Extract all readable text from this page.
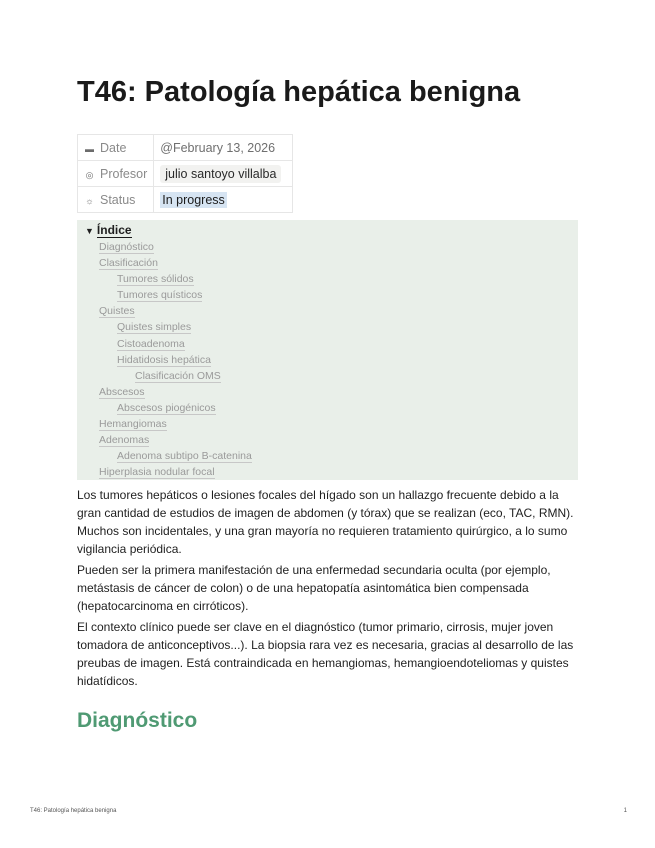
T46: Patología hepática benigna
▬ Date	@February 13, 2026
◎ Profesor	julio santoyo villalba
☼ Status	In progress
▼ Índice
Diagnóstico
Clasificación
Tumores sólidos
Tumores quísticos
Quistes
Quistes simples
Cistoadenoma
Hidatidosis hepática
Clasificación OMS
Abscesos
Abscesos piogénicos
Hemangiomas
Adenomas
Adenoma subtipo B-catenina
Hiperplasia nodular focal

Los tumores hepáticos o lesiones focales del hígado son un hallazgo frecuente debido a la gran cantidad de estudios de imagen de abdomen (y tórax) que se realizan (eco, TAC, RMN). Muchos son incidentales, y una gran mayoría no requieren tratamiento quirúrgico, a lo sumo vigilancia periódica.

Pueden ser la primera manifestación de una enfermedad secundaria oculta (por ejemplo, metástasis de cáncer de colon) o de una hepatopatía asintomática bien compensada (hepatocarcinoma en cirróticos).

El contexto clínico puede ser clave en el diagnóstico (tumor primario, cirrosis, mujer joven tomadora de anticonceptivos...). La biopsia rara vez es necesaria, gracias al desarrollo de las preubas de imagen. Está contraindicada en hemangiomas, hemangioendoteliomas y quistes hidatídicos.

Diagnóstico
T46: Patología hepática benigna	1
